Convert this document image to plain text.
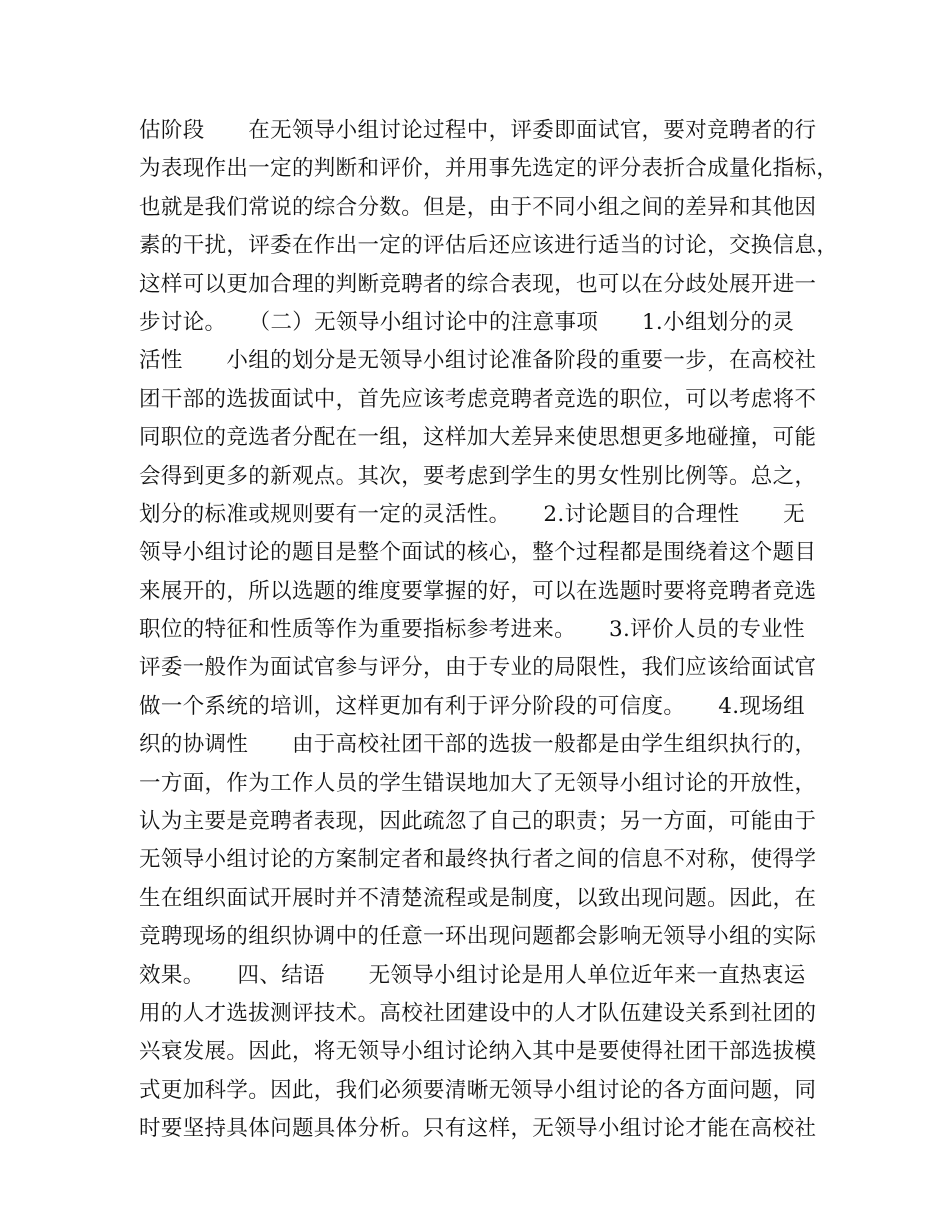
估阶段　　在无领导小组讨论过程中，评委即面试官，要对竞聘者的行
为表现作出一定的判断和评价，并用事先选定的评分表折合成量化指标，
也就是我们常说的综合分数。但是，由于不同小组之间的差异和其他因
素的干扰，评委在作出一定的评估后还应该进行适当的讨论，交换信息，
这样可以更加合理的判断竞聘者的综合表现，也可以在分歧处展开进一
步讨论。　　（二）无领导小组讨论中的注意事项　　1.小组划分的灵
活性　　小组的划分是无领导小组讨论准备阶段的重要一步，在高校社
团干部的选拔面试中，首先应该考虑竞聘者竞选的职位，可以考虑将不
同职位的竞选者分配在一组，这样加大差异来使思想更多地碰撞，可能
会得到更多的新观点。其次，要考虑到学生的男女性别比例等。总之，
划分的标准或规则要有一定的灵活性。　　2.讨论题目的合理性　　无
领导小组讨论的题目是整个面试的核心，整个过程都是围绕着这个题目
来展开的，所以选题的维度要掌握的好，可以在选题时要将竞聘者竞选
职位的特征和性质等作为重要指标参考进来。　　3.评价人员的专业性
评委一般作为面试官参与评分，由于专业的局限性，我们应该给面试官
做一个系统的培训，这样更加有利于评分阶段的可信度。　　4.现场组
织的协调性　　由于高校社团干部的选拔一般都是由学生组织执行的，
一方面，作为工作人员的学生错误地加大了无领导小组讨论的开放性，
认为主要是竞聘者表现，因此疏忽了自己的职责；另一方面，可能由于
无领导小组讨论的方案制定者和最终执行者之间的信息不对称，使得学
生在组织面试开展时并不清楚流程或是制度，以致出现问题。因此，在
竞聘现场的组织协调中的任意一环出现问题都会影响无领导小组的实际
效果。　　四、结语　　无领导小组讨论是用人单位近年来一直热衷运
用的人才选拔测评技术。高校社团建设中的人才队伍建设关系到社团的
兴衰发展。因此，将无领导小组讨论纳入其中是要使得社团干部选拔模
式更加科学。因此，我们必须要清晰无领导小组讨论的各方面问题，同
时要坚持具体问题具体分析。只有这样，无领导小组讨论才能在高校社
